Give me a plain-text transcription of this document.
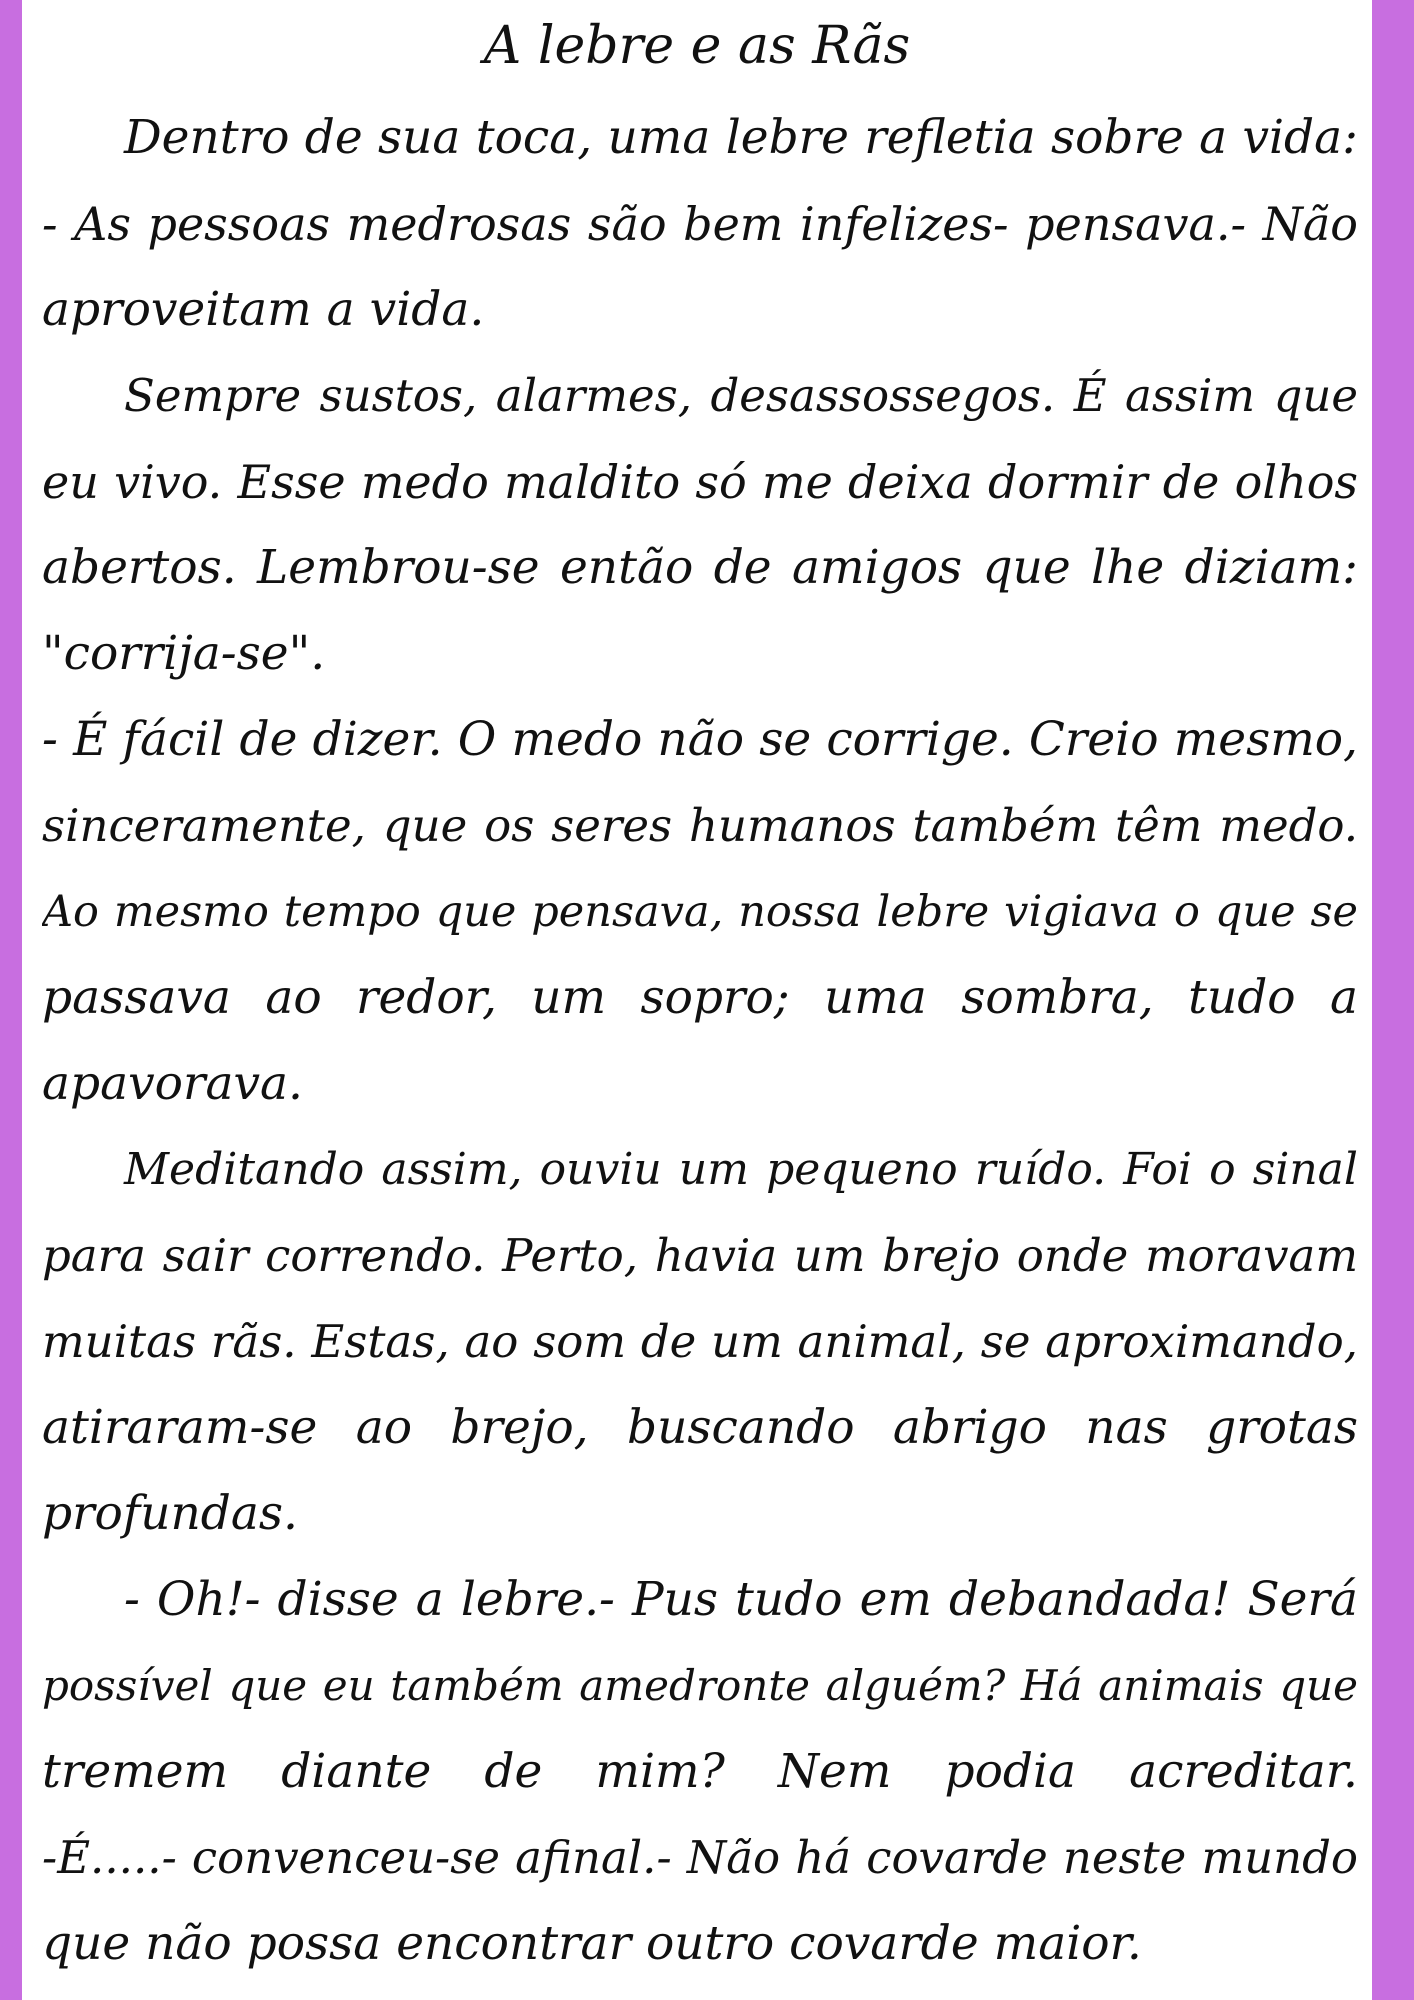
A lebre e as Rãs
Dentro de sua toca, uma lebre refletia sobre a vida:
- As pessoas medrosas são bem infelizes- pensava.- Não
aproveitam a vida.
Sempre sustos, alarmes, desassossegos. É assim que
eu vivo. Esse medo maldito só me deixa dormir de olhos
abertos. Lembrou-se então de amigos que lhe diziam:
"corrija-se".
- É fácil de dizer. O medo não se corrige. Creio mesmo,
sinceramente, que os seres humanos também têm medo.
Ao mesmo tempo que pensava, nossa lebre vigiava o que se
passava ao redor, um sopro; uma sombra, tudo a
apavorava.
Meditando assim, ouviu um pequeno ruído. Foi o sinal
para sair correndo. Perto, havia um brejo onde moravam
muitas rãs. Estas, ao som de um animal, se aproximando,
atiraram-se ao brejo, buscando abrigo nas grotas
profundas.
- Oh!- disse a lebre.- Pus tudo em debandada! Será
possível que eu também amedronte alguém? Há animais que
tremem diante de mim? Nem podia acreditar.
-É.....- convenceu-se afinal.- Não há covarde neste mundo
que não possa encontrar outro covarde maior.
